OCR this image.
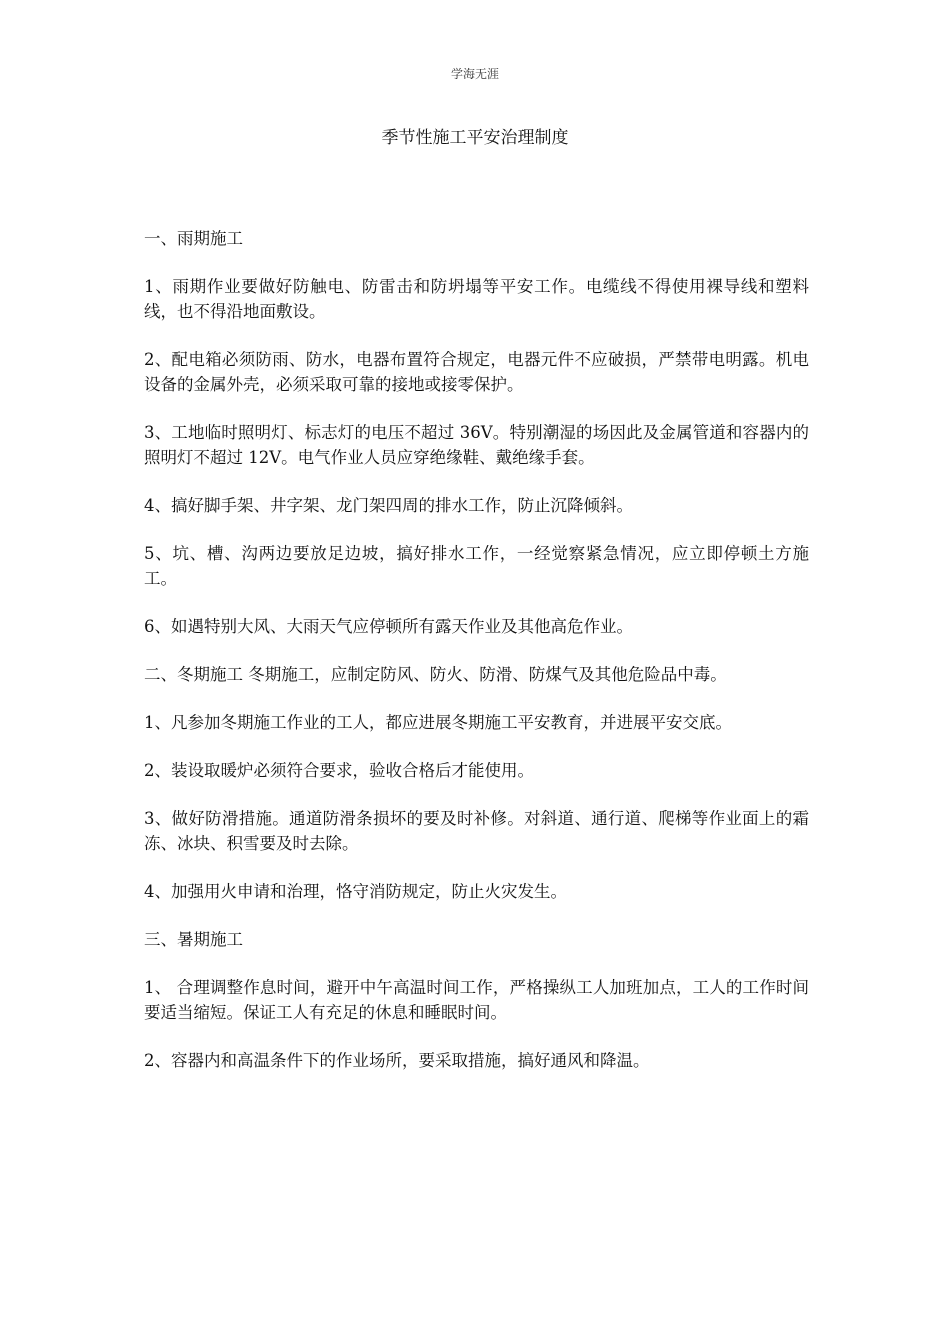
学海无涯
季节性施工平安治理制度

一、雨期施工

1、雨期作业要做好防触电、防雷击和防坍塌等平安工作。电缆线不得使用裸导线和塑料线，也不得沿地面敷设。

2、配电箱必须防雨、防水，电器布置符合规定，电器元件不应破损，严禁带电明露。机电设备的金属外壳，必须采取可靠的接地或接零保护。

3、工地临时照明灯、标志灯的电压不超过 36V。特别潮湿的场因此及金属管道和容器内的照明灯不超过 12V。电气作业人员应穿绝缘鞋、戴绝缘手套。

4、搞好脚手架、井字架、龙门架四周的排水工作，防止沉降倾斜。

5、坑、槽、沟两边要放足边坡，搞好排水工作，一经觉察紧急情况，应立即停顿土方施工。

6、如遇特别大风、大雨天气应停顿所有露天作业及其他高危作业。

二、冬期施工 冬期施工，应制定防风、防火、防滑、防煤气及其他危险品中毒。

1、凡参加冬期施工作业的工人，都应进展冬期施工平安教育，并进展平安交底。

2、装设取暖炉必须符合要求，验收合格后才能使用。

3、做好防滑措施。通道防滑条损坏的要及时补修。对斜道、通行道、爬梯等作业面上的霜冻、冰块、积雪要及时去除。

4、加强用火申请和治理，恪守消防规定，防止火灾发生。

三、暑期施工

1、 合理调整作息时间，避开中午高温时间工作，严格操纵工人加班加点，工人的工作时间要适当缩短。保证工人有充足的休息和睡眠时间。

2、容器内和高温条件下的作业场所，要采取措施，搞好通风和降温。
